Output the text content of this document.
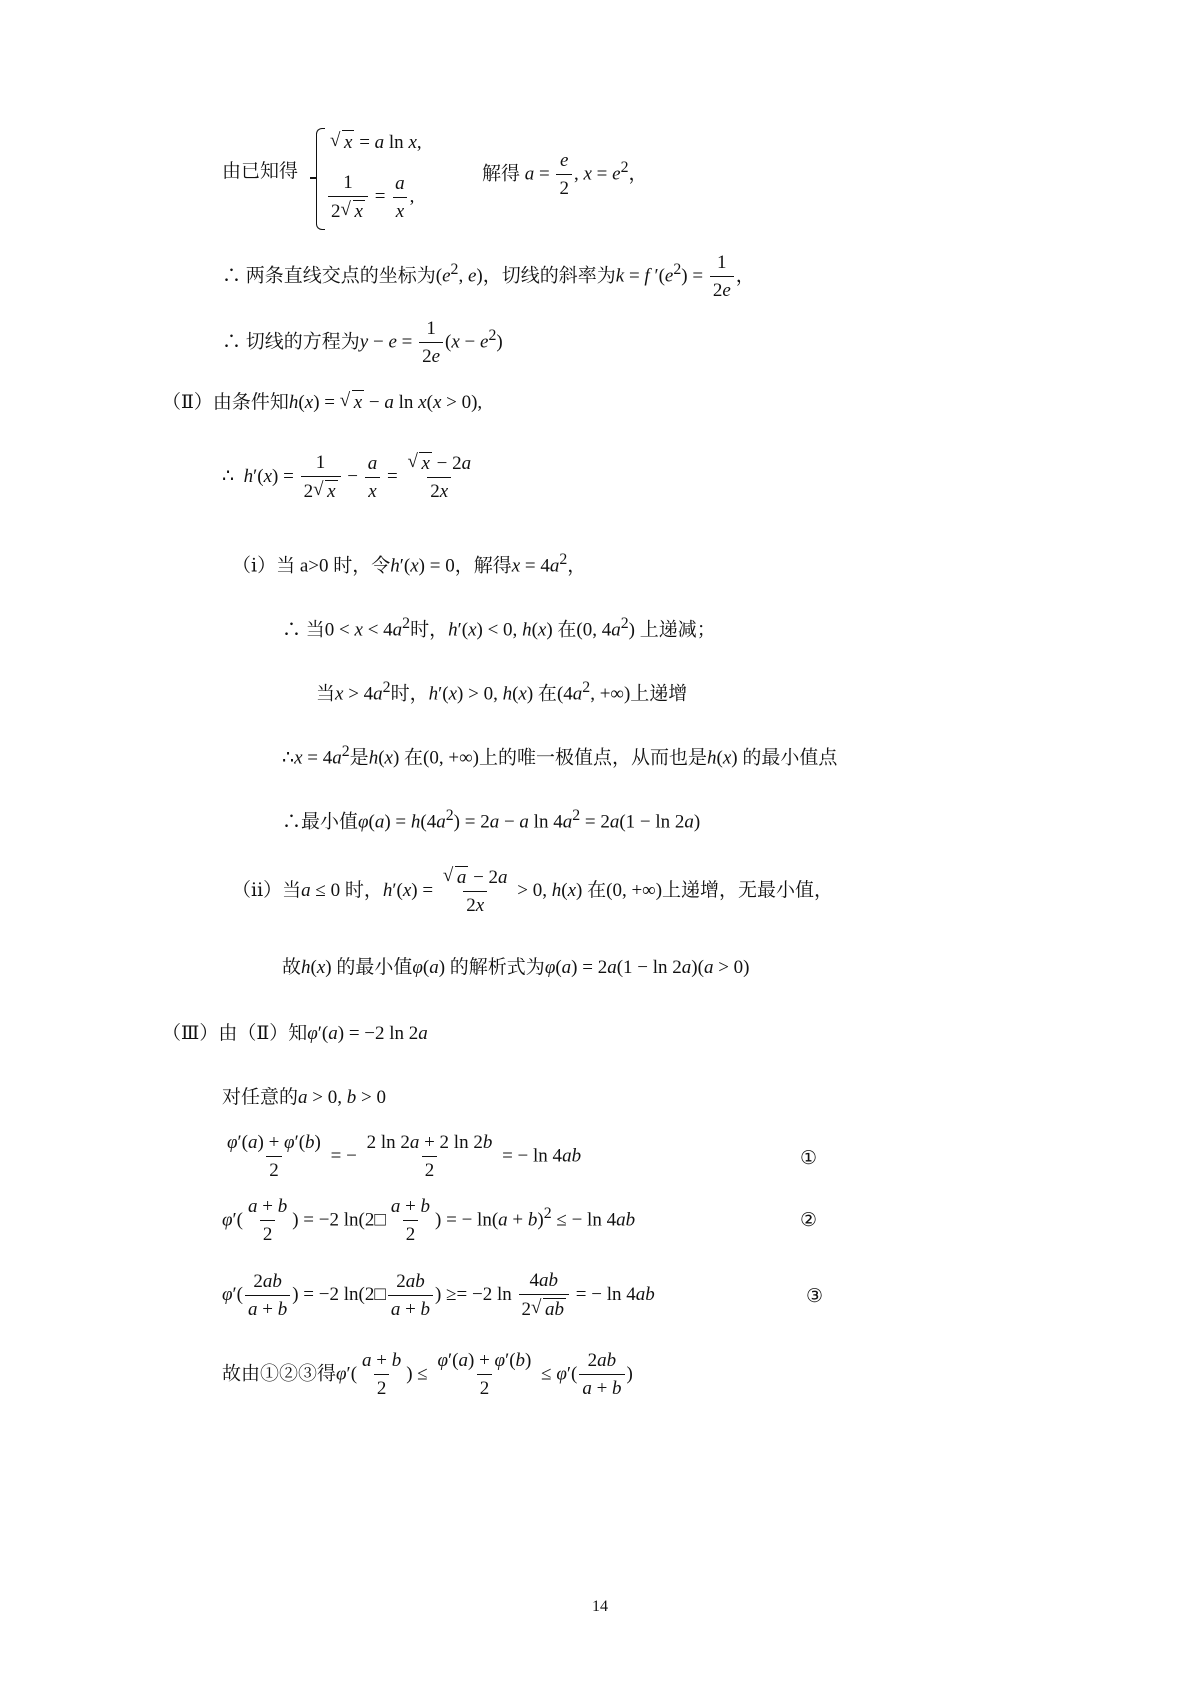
由已知得
√ x = a ln x,
$\frac{1}{2 √ x} = \frac{a}{x}$ ,
解得 $a = \frac{e}{2}$ , $x = e^2$，
∴ 两条直线交点的坐标为($e^2$, e)，切线的斜率为k = f $'(e^2) = \frac{1}{2e}$ ，
∴ 切线的方程为$y - e = \frac{1}{2e} (x - e^2)$
（Ⅱ）由条件知h(x) = √ x − a ln x(x > 0),
∴ $h'(x) = \frac{1}{2 √ x} - \frac{a}{x}$ = √ $\frac{x - 2a}{2x}$
（ⅰ）当 a>0 时，令h′(x) = 0，解得$x = 4a^2$，
∴ 当$0 < x < 4a^2$时，h′(x) < 0, h(x) 在(0, $4a^2$) 上递减；
当$x > 4a^2$时，h′(x) > 0, h(x) 在($4a^2$, +∞)上递增
∴x = $4a^2$是h(x) 在(0, +∞)上的唯一极值点，从而也是h(x) 的最小值点
∴最小值$\varphi(a) = h(4a^2) = 2a - a$ $\ln 4a^2 = 2a(1 - \ln 2a)$
（ⅱ）当a ≤ 0 时，h′(x) = √ $\frac{a - 2a}{2x} > 0$, h(x) 在(0, +∞)上递增，无最小值，
故h(x) 的最小值φ(a) 的解析式为φ(a) = 2a(1 − ln 2a)(a > 0)
（Ⅲ）由（Ⅱ）知φ′(a) = −2 ln 2a
对任意的a > 0, b > 0
$\frac{\varphi'(a) + \varphi'(b)}{2}$ = − $\frac{2 \ln 2a + 2 \ln 2b}{2}$ = − ln 4ab	①
$\varphi'( \frac{a + b}{2}$ ) = −2 ln(2□ $\frac{a + b}{2}$ ) = − $\ln(a + b)^2$ ≤ − ln 4ab	②
$\varphi'( \frac{2ab}{a + b}$ ) = −2 ln(2□ $\frac{2ab}{a + b}$ ) ≥= −2 $\ln \frac{4ab}{2 √ ab}$ = − ln 4ab	③
故由①②③得$\varphi'( \frac{a + b}{2}$ ) ≤ $\frac{\varphi'(a) + \varphi'(b)}{2} \le \varphi'( \frac{2ab}{a + b}$ )
14
